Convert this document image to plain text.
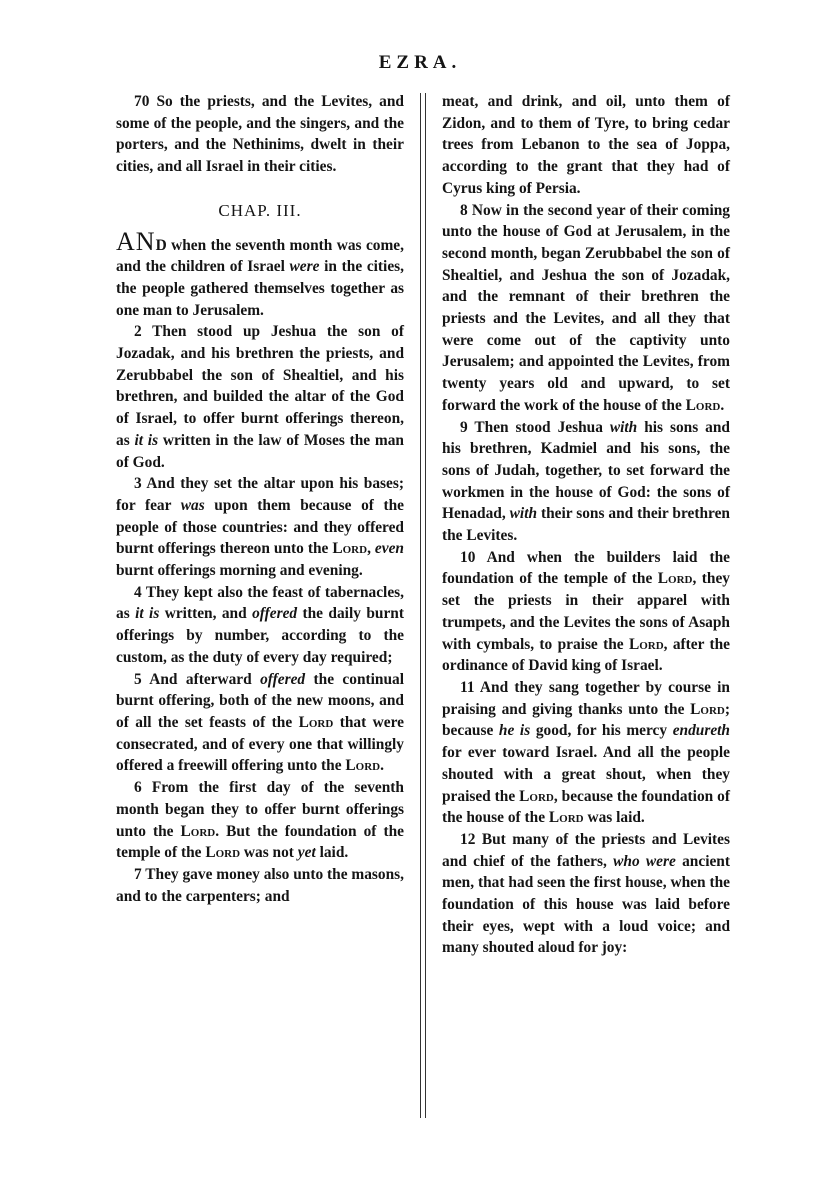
EZRA.

70 So the priests, and the Levites, and some of the people, and the singers, and the porters, and the Nethinims, dwelt in their cities, and all Israel in their cities.

CHAP. III.

AND when the seventh month was come, and the children of Israel were in the cities, the people gathered themselves together as one man to Jerusalem.

2 Then stood up Jeshua the son of Jozadak, and his brethren the priests, and Zerubbabel the son of Shealtiel, and his brethren, and builded the altar of the God of Israel, to offer burnt offerings thereon, as it is written in the law of Moses the man of God.

3 And they set the altar upon his bases; for fear was upon them because of the people of those countries: and they offered burnt offerings thereon unto the Lord, even burnt offerings morning and evening.

4 They kept also the feast of tabernacles, as it is written, and offered the daily burnt offerings by number, according to the custom, as the duty of every day required;

5 And afterward offered the continual burnt offering, both of the new moons, and of all the set feasts of the Lord that were consecrated, and of every one that willingly offered a freewill offering unto the Lord.

6 From the first day of the seventh month began they to offer burnt offerings unto the Lord. But the foundation of the temple of the Lord was not yet laid.

7 They gave money also unto the masons, and to the carpenters; and

meat, and drink, and oil, unto them of Zidon, and to them of Tyre, to bring cedar trees from Lebanon to the sea of Joppa, according to the grant that they had of Cyrus king of Persia.

8 Now in the second year of their coming unto the house of God at Jerusalem, in the second month, began Zerubbabel the son of Shealtiel, and Jeshua the son of Jozadak, and the remnant of their brethren the priests and the Levites, and all they that were come out of the captivity unto Jerusalem; and appointed the Levites, from twenty years old and upward, to set forward the work of the house of the Lord.

9 Then stood Jeshua with his sons and his brethren, Kadmiel and his sons, the sons of Judah, together, to set forward the workmen in the house of God: the sons of Henadad, with their sons and their brethren the Levites.

10 And when the builders laid the foundation of the temple of the Lord, they set the priests in their apparel with trumpets, and the Levites the sons of Asaph with cymbals, to praise the Lord, after the ordinance of David king of Israel.

11 And they sang together by course in praising and giving thanks unto the Lord; because he is good, for his mercy endureth for ever toward Israel. And all the people shouted with a great shout, when they praised the Lord, because the foundation of the house of the Lord was laid.

12 But many of the priests and Levites and chief of the fathers, who were ancient men, that had seen the first house, when the foundation of this house was laid before their eyes, wept with a loud voice; and many shouted aloud for joy:
